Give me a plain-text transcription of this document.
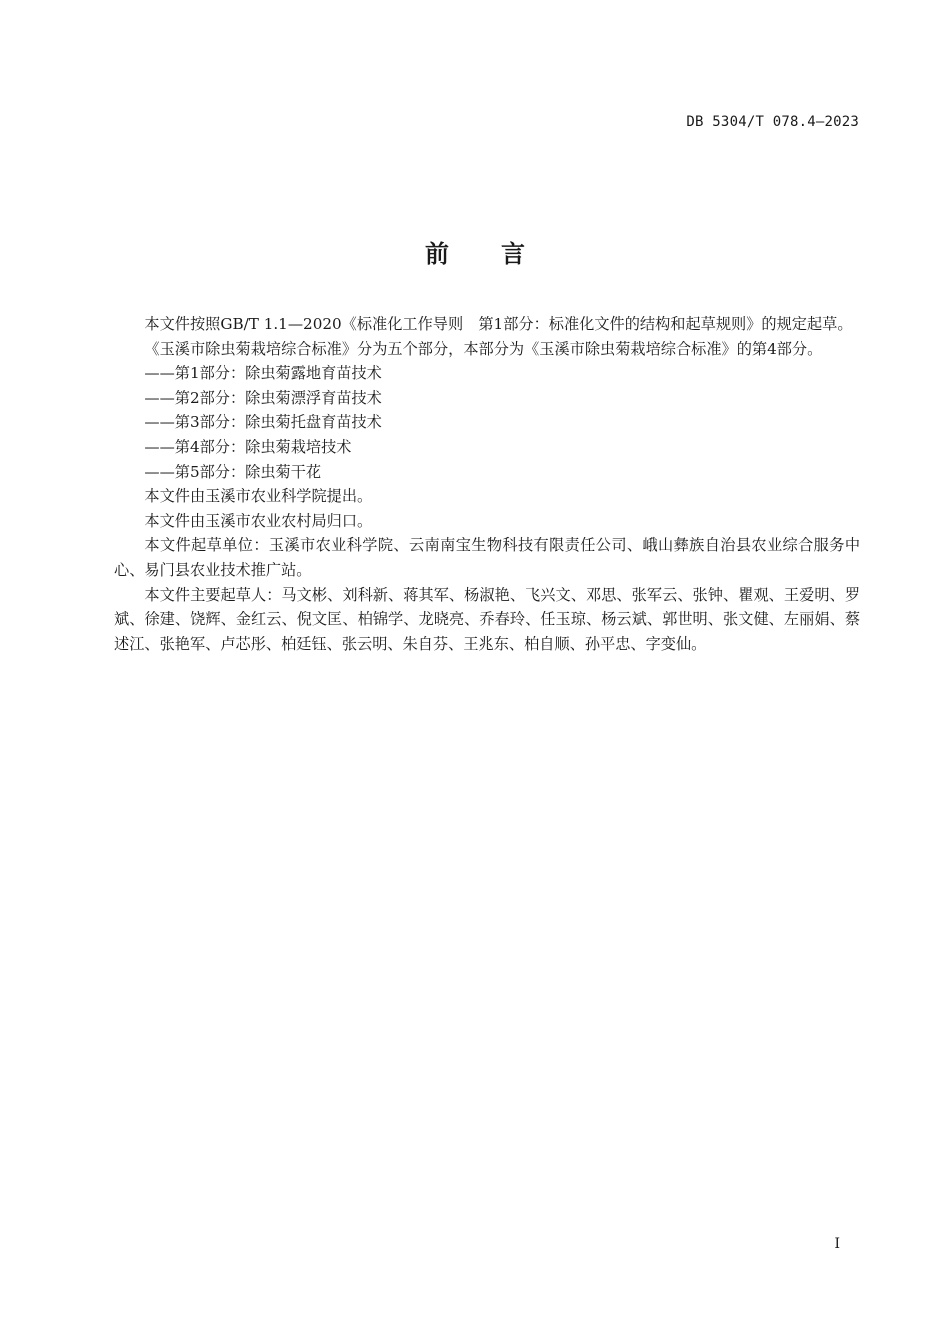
DB 5304/T 078.4—2023
前 言

本文件按照GB/T 1.1—2020《标准化工作导则　第1部分：标准化文件的结构和起草规则》的规定起草。

《玉溪市除虫菊栽培综合标准》分为五个部分，本部分为《玉溪市除虫菊栽培综合标准》的第4部分。

——第1部分：除虫菊露地育苗技术

——第2部分：除虫菊漂浮育苗技术

——第3部分：除虫菊托盘育苗技术

——第4部分：除虫菊栽培技术

——第5部分：除虫菊干花

本文件由玉溪市农业科学院提出。

本文件由玉溪市农业农村局归口。

本文件起草单位：玉溪市农业科学院、云南南宝生物科技有限责任公司、峨山彝族自治县农业综合服务中心、易门县农业技术推广站。

本文件主要起草人：马文彬、刘科新、蒋其军、杨淑艳、飞兴文、邓思、张军云、张钟、瞿观、王爱明、罗斌、徐建、饶辉、金红云、倪文匡、柏锦学、龙晓亮、乔春玲、任玉琼、杨云斌、郭世明、张文健、左丽娟、蔡述江、张艳军、卢芯彤、柏廷钰、张云明、朱自芬、王兆东、柏自顺、孙平忠、字变仙。

I
